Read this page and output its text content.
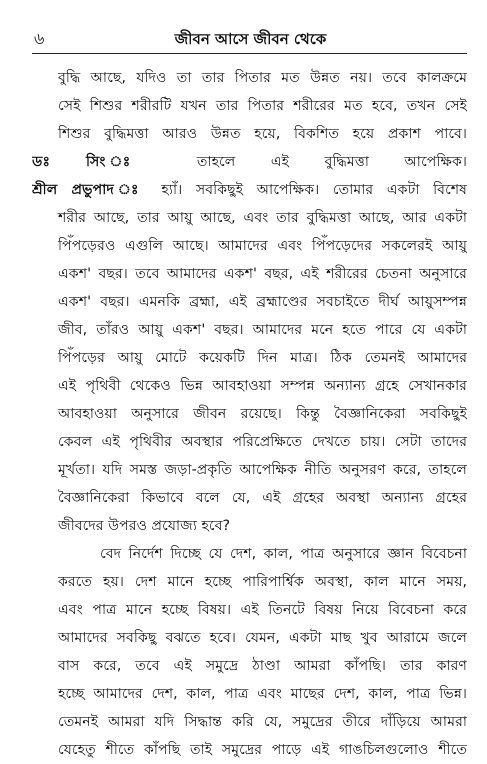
৬	জীবন আসে জীবন থেকে
বুদ্ধি আছে, যদিও তা তার পিতার মত উন্নত নয়। তবে কালক্রমে
সেই শিশুর শরীরটি যখন তার পিতার শরীরের মত হবে, তখন সেই
শিশুর বুদ্ধিমত্তা আরও উন্নত হয়ে, বিকশিত হয়ে প্রকাশ পাবে।
ডঃ সিং ঃ তাহলে এই বুদ্ধিমত্তা আপেক্ষিক।
শ্রীল প্রভুপাদ ঃ হ্যাঁ। সবকিছুই আপেক্ষিক। তোমার একটা বিশেষ
শরীর আছে, তার আয়ু আছে, এবং তার বুদ্ধিমত্তা আছে, আর একটা
পিঁপড়েরও এগুলি আছে। আমাদের এবং পিঁপড়েদের সকলেরই আয়ু
একশ' বছর। তবে আমাদের একশ' বছর, এই শরীরের চেতনা অনুসারে
একশ' বছর। এমনকি ব্রহ্মা, এই ব্রহ্মাণ্ডের সবচাইতে দীর্ঘ আয়ুসম্পন্ন
জীব, তাঁরও আয়ু একশ' বছর। আমাদের মনে হতে পারে যে একটা
পিঁপড়ের আয়ু মোটে কয়েকটি দিন মাত্র। ঠিক তেমনই আমাদের
এই পৃথিবী থেকেও ভিন্ন আবহাওয়া সম্পন্ন অন্যান্য গ্রহে সেখানকার
আবহাওয়া অনুসারে জীবন রয়েছে। কিন্তু বৈজ্ঞানিকেরা সবকিছুই
কেবল এই পৃথিবীর অবস্থার পরিপ্রেক্ষিতে দেখতে চায়। সেটা তাদের
মূর্খতা। যদি সমস্ত জড়া-প্রকৃতি আপেক্ষিক নীতি অনুসরণ করে, তাহলে
বৈজ্ঞানিকেরা কিভাবে বলে যে, এই গ্রহের অবস্থা অন্যান্য গ্রহের
জীবদের উপরও প্রযোজ্য হবে?
বেদ নির্দেশ দিচ্ছে যে দেশ, কাল, পাত্র অনুসারে জ্ঞান বিবেচনা
করতে হয়। দেশ মানে হচ্ছে পারিপার্শ্বিক অবস্থা, কাল মানে সময়,
এবং পাত্র মানে হচ্ছে বিষয়। এই তিনটে বিষয় নিয়ে বিবেচনা করে
আমাদের সবকিছু বঝতে হবে। যেমন, একটা মাছ খুব আরামে জলে
বাস করে, তবে এই সমুদ্রে ঠাণ্ডা আমরা কাঁপছি। তার কারণ
হচ্ছে আমাদের দেশ, কাল, পাত্র এবং মাছের দেশ, কাল, পাত্র ভিন্ন।
তেমনই আমরা যদি সিদ্ধান্ত করি যে, সমুদ্রের তীরে দাঁড়িয়ে আমরা
যেহেতু শীতে কাঁপছি তাই সমুদ্রের পাড়ে এই গাঙচিলগুলোও শীতে
